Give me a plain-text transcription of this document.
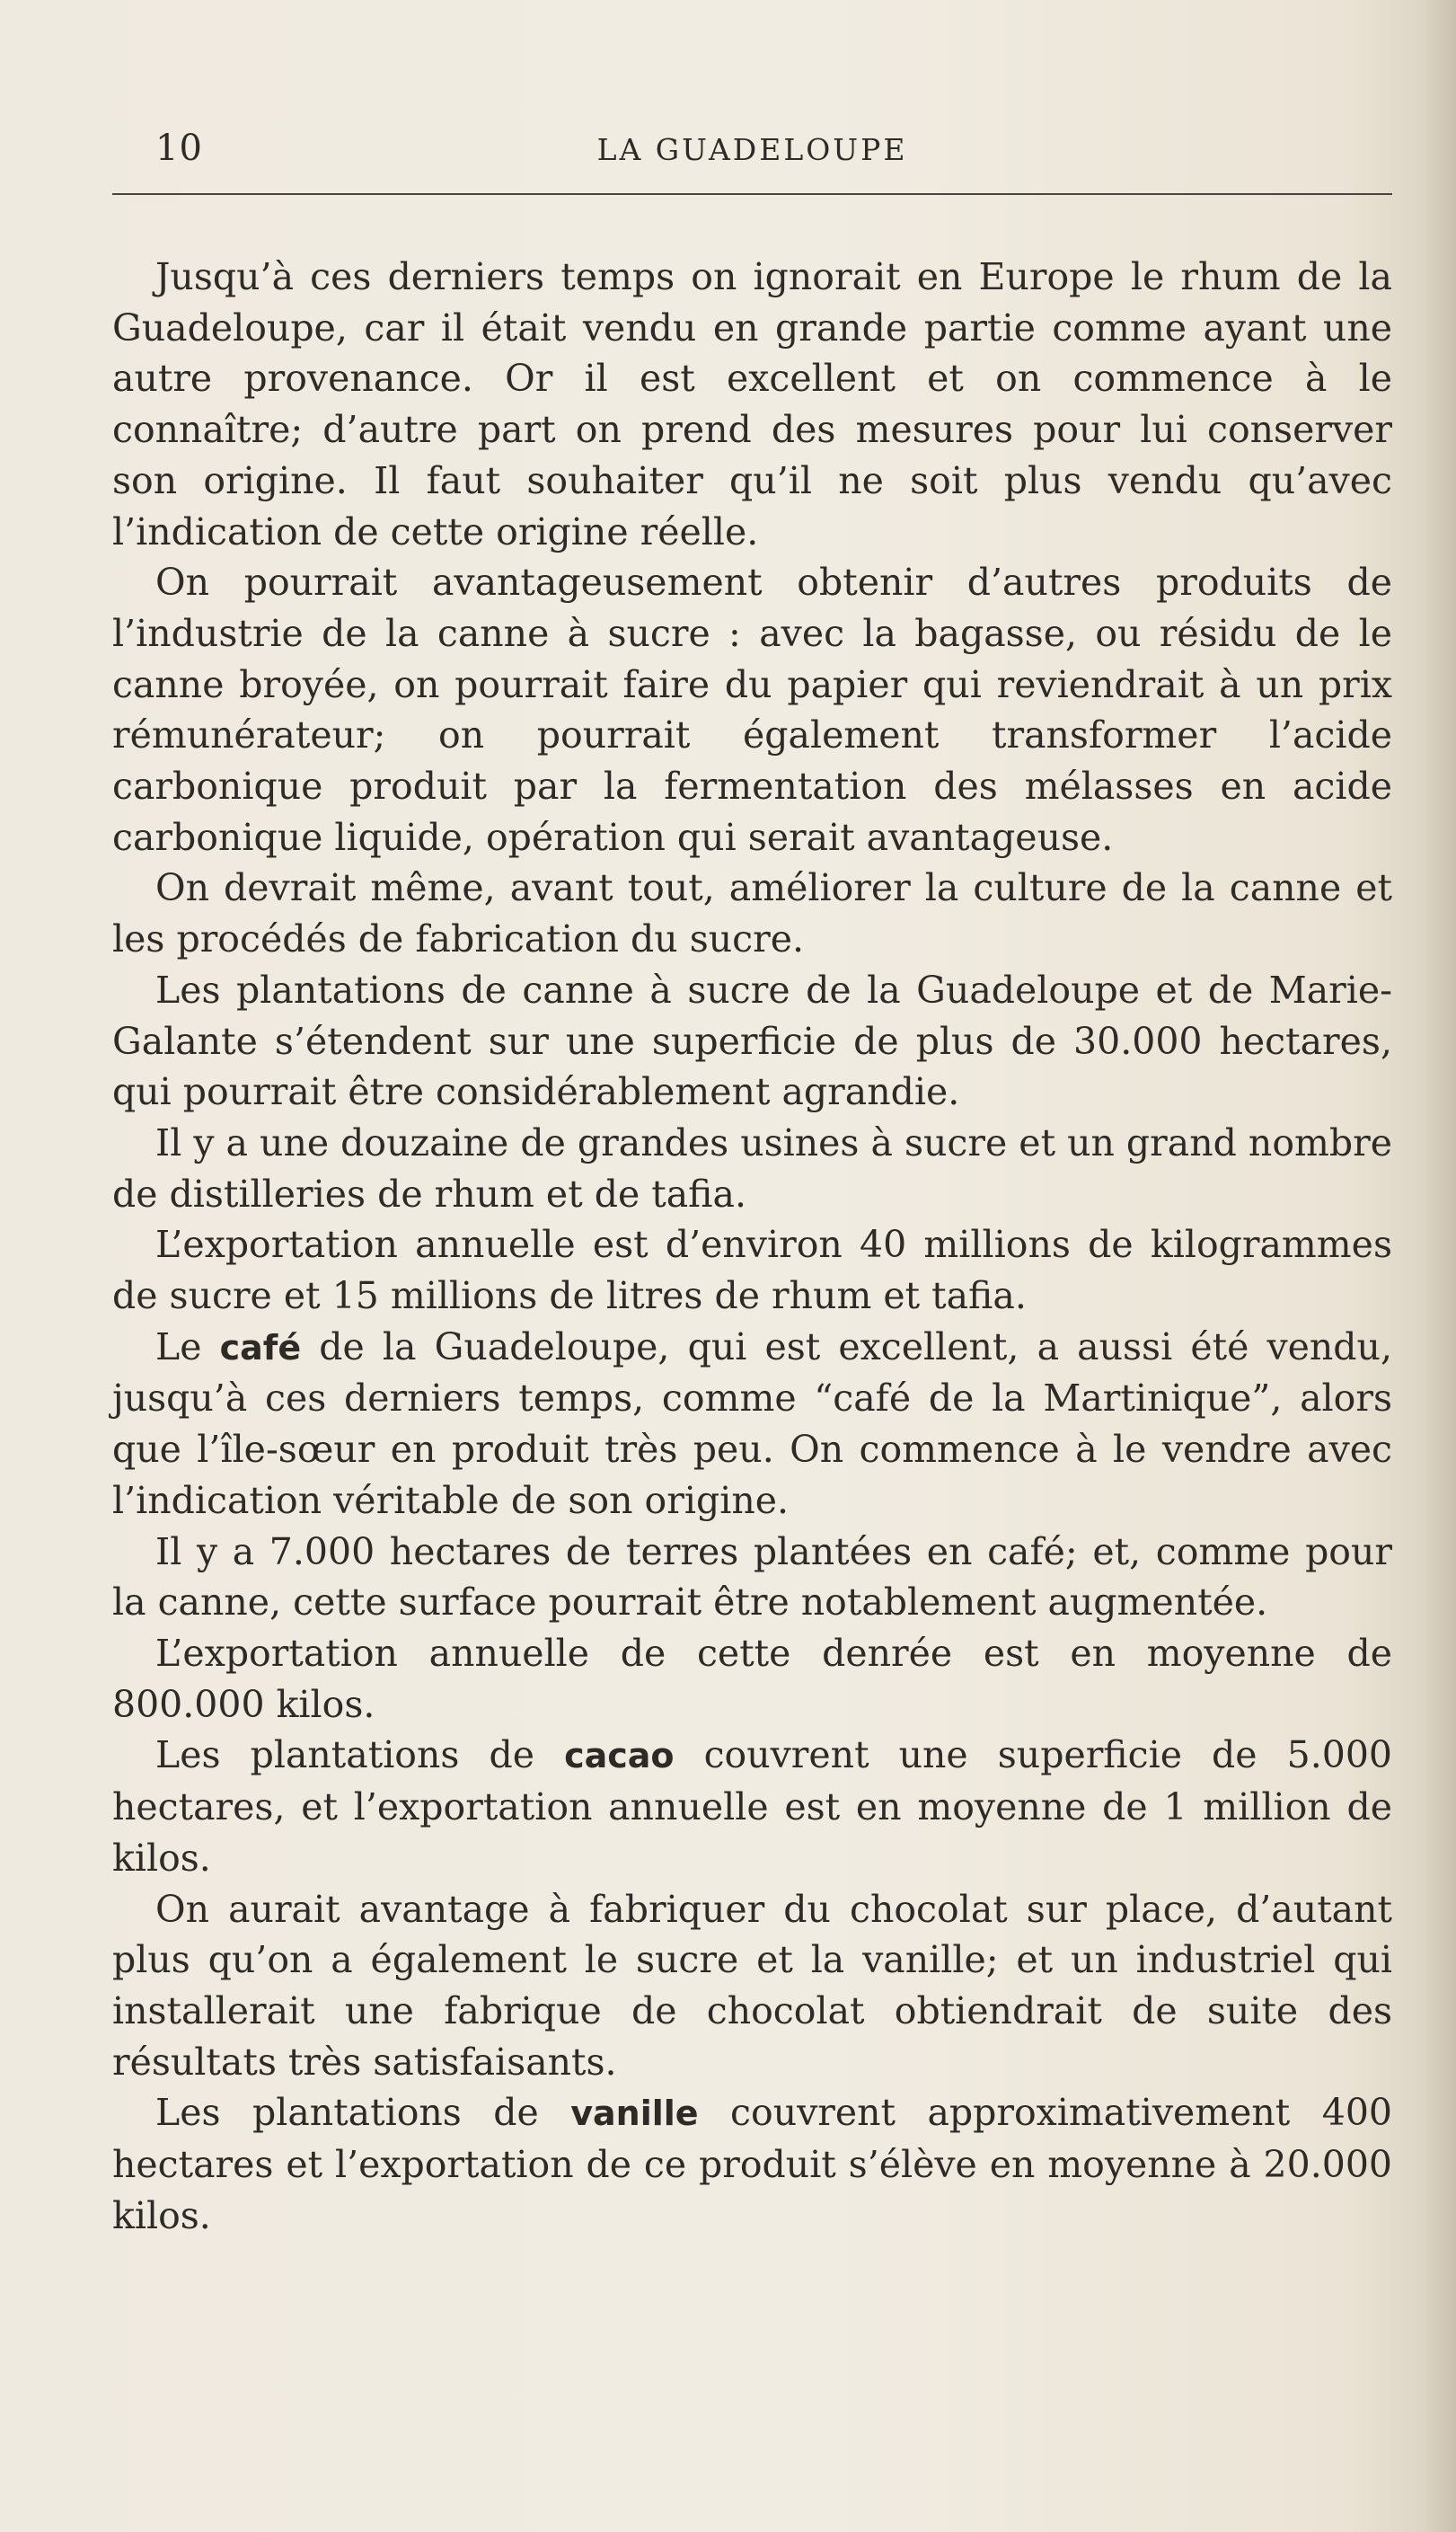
10	LA GUADELOUPE

Jusqu’à ces derniers temps on ignorait en Europe le rhum de la Guadeloupe, car il était vendu en grande partie comme ayant une autre provenance. Or il est excellent et on commence à le connaître; d’autre part on prend des mesures pour lui conserver son origine. Il faut souhaiter qu’il ne soit plus vendu qu’avec l’indication de cette origine réelle.

On pourrait avantageusement obtenir d’autres produits de l’industrie de la canne à sucre : avec la bagasse, ou résidu de le canne broyée, on pourrait faire du papier qui reviendrait à un prix rémunérateur; on pourrait également transformer l’acide carbonique produit par la fermentation des mélasses en acide carbonique liquide, opération qui serait avantageuse.

On devrait même, avant tout, améliorer la culture de la canne et les procédés de fabrication du sucre.

Les plantations de canne à sucre de la Guadeloupe et de Marie-Galante s’étendent sur une superficie de plus de 30.000 hectares, qui pourrait être considérablement agrandie.

Il y a une douzaine de grandes usines à sucre et un grand nombre de distilleries de rhum et de tafia.

L’exportation annuelle est d’environ 40 millions de kilogrammes de sucre et 15 millions de litres de rhum et tafia.

Le café de la Guadeloupe, qui est excellent, a aussi été vendu, jusqu’à ces derniers temps, comme “café de la Martinique”, alors que l’île-sœur en produit très peu. On commence à le vendre avec l’indication véritable de son origine.

Il y a 7.000 hectares de terres plantées en café; et, comme pour la canne, cette surface pourrait être notablement augmentée.

L’exportation annuelle de cette denrée est en moyenne de 800.000 kilos.

Les plantations de cacao couvrent une superficie de 5.000 hectares, et l’exportation annuelle est en moyenne de 1 million de kilos.

On aurait avantage à fabriquer du chocolat sur place, d’autant plus qu’on a également le sucre et la vanille; et un industriel qui installerait une fabrique de chocolat obtiendrait de suite des résultats très satisfaisants.

Les plantations de vanille couvrent approximativement 400 hectares et l’exportation de ce produit s’élève en moyenne à 20.000 kilos.
